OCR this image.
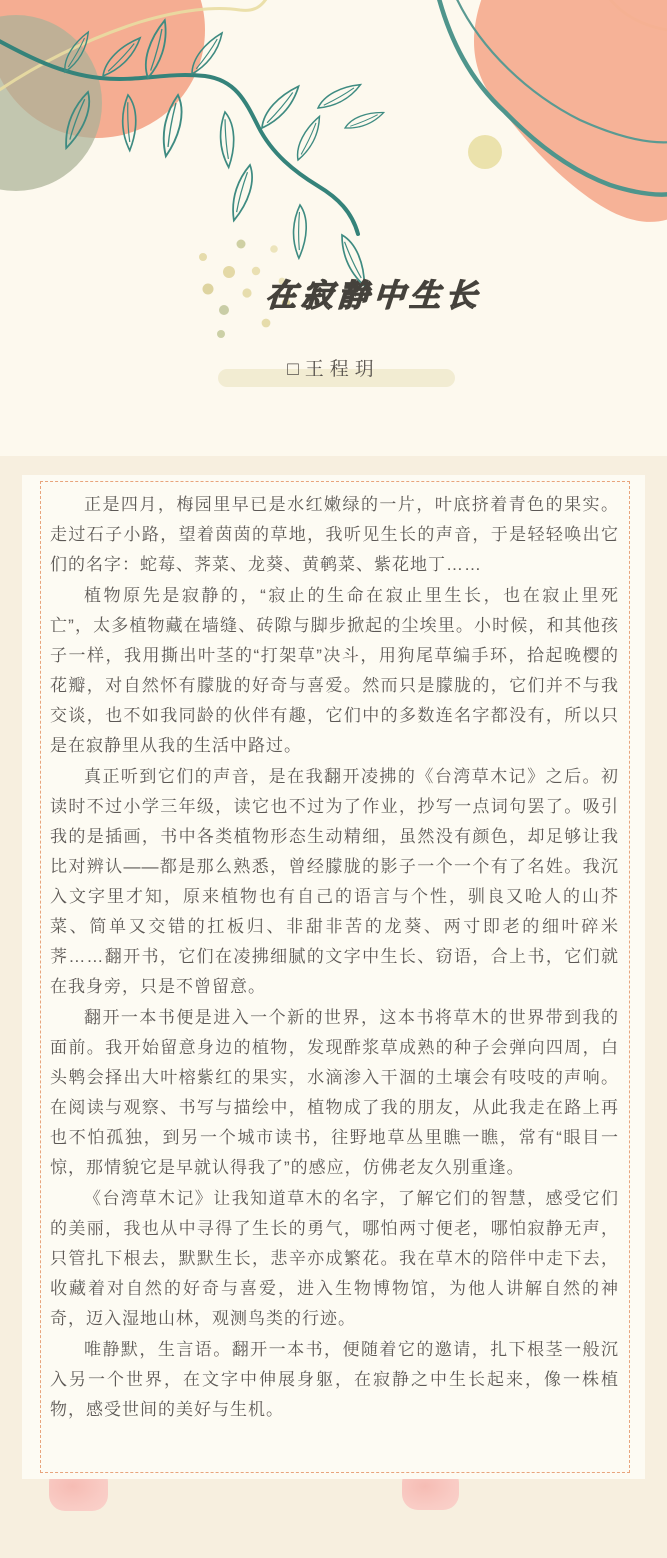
在寂静中生长
□王程玥

正是四月，梅园里早已是水红嫩绿的一片，叶底挤着青色的果实。走过石子小路，望着茵茵的草地，我听见生长的声音，于是轻轻唤出它们的名字：蛇莓、荠菜、龙葵、黄鹌菜、紫花地丁……

植物原先是寂静的，“寂止的生命在寂止里生长，也在寂止里死亡”，太多植物藏在墙缝、砖隙与脚步掀起的尘埃里。小时候，和其他孩子一样，我用撕出叶茎的“打架草”决斗，用狗尾草编手环，拾起晚樱的花瓣，对自然怀有朦胧的好奇与喜爱。然而只是朦胧的，它们并不与我交谈，也不如我同龄的伙伴有趣，它们中的多数连名字都没有，所以只是在寂静里从我的生活中路过。

真正听到它们的声音，是在我翻开凌拂的《台湾草木记》之后。初读时不过小学三年级，读它也不过为了作业，抄写一点词句罢了。吸引我的是插画，书中各类植物形态生动精细，虽然没有颜色，却足够让我比对辨认——都是那么熟悉，曾经朦胧的影子一个一个有了名姓。我沉入文字里才知，原来植物也有自己的语言与个性，驯良又呛人的山芥菜、简单又交错的扛板归、非甜非苦的龙葵、两寸即老的细叶碎米荠……翻开书，它们在凌拂细腻的文字中生长、窃语，合上书，它们就在我身旁，只是不曾留意。

翻开一本书便是进入一个新的世界，这本书将草木的世界带到我的面前。我开始留意身边的植物，发现酢浆草成熟的种子会弹向四周，白头鹎会择出大叶榕紫红的果实，水滴渗入干涸的土壤会有吱吱的声响。在阅读与观察、书写与描绘中，植物成了我的朋友，从此我走在路上再也不怕孤独，到另一个城市读书，往野地草丛里瞧一瞧，常有“眼目一惊，那情貌它是早就认得我了”的感应，仿佛老友久别重逢。

《台湾草木记》让我知道草木的名字，了解它们的智慧，感受它们的美丽，我也从中寻得了生长的勇气，哪怕两寸便老，哪怕寂静无声，只管扎下根去，默默生长，悲辛亦成繁花。我在草木的陪伴中走下去，收藏着对自然的好奇与喜爱，进入生物博物馆，为他人讲解自然的神奇，迈入湿地山林，观测鸟类的行迹。

唯静默，生言语。翻开一本书，便随着它的邀请，扎下根茎一般沉入另一个世界，在文字中伸展身躯，在寂静之中生长起来，像一株植物，感受世间的美好与生机。
